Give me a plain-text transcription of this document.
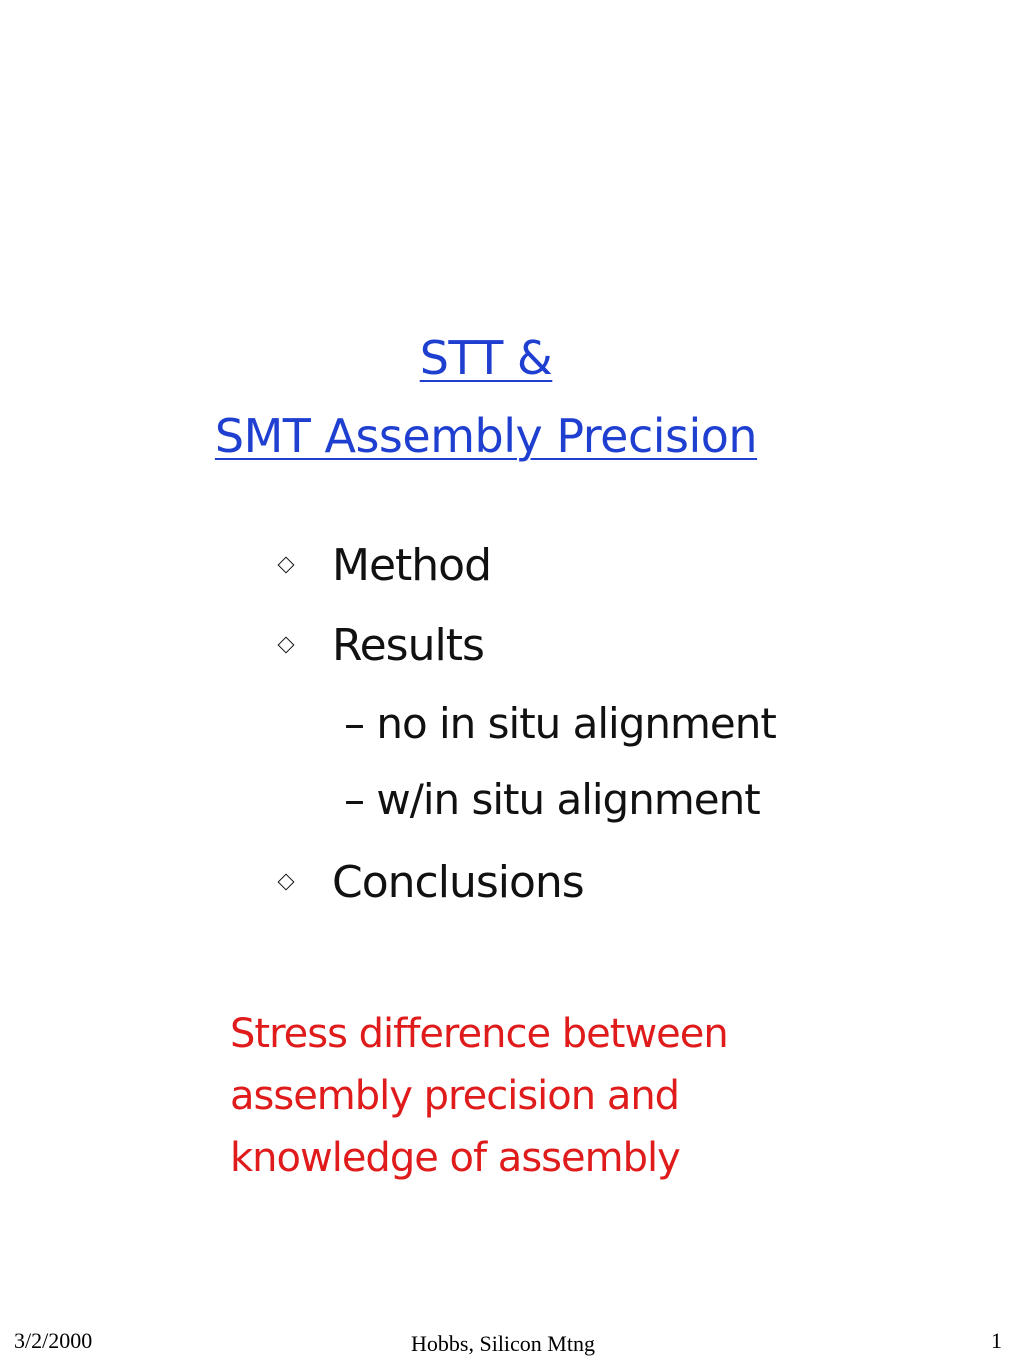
STT &
SMT Assembly Precision
Method
Results
– no in situ alignment
– w/in situ alignment
Conclusions
Stress difference between
assembly precision and
knowledge of assembly
3/2/2000	Hobbs, Silicon Mtng	1
